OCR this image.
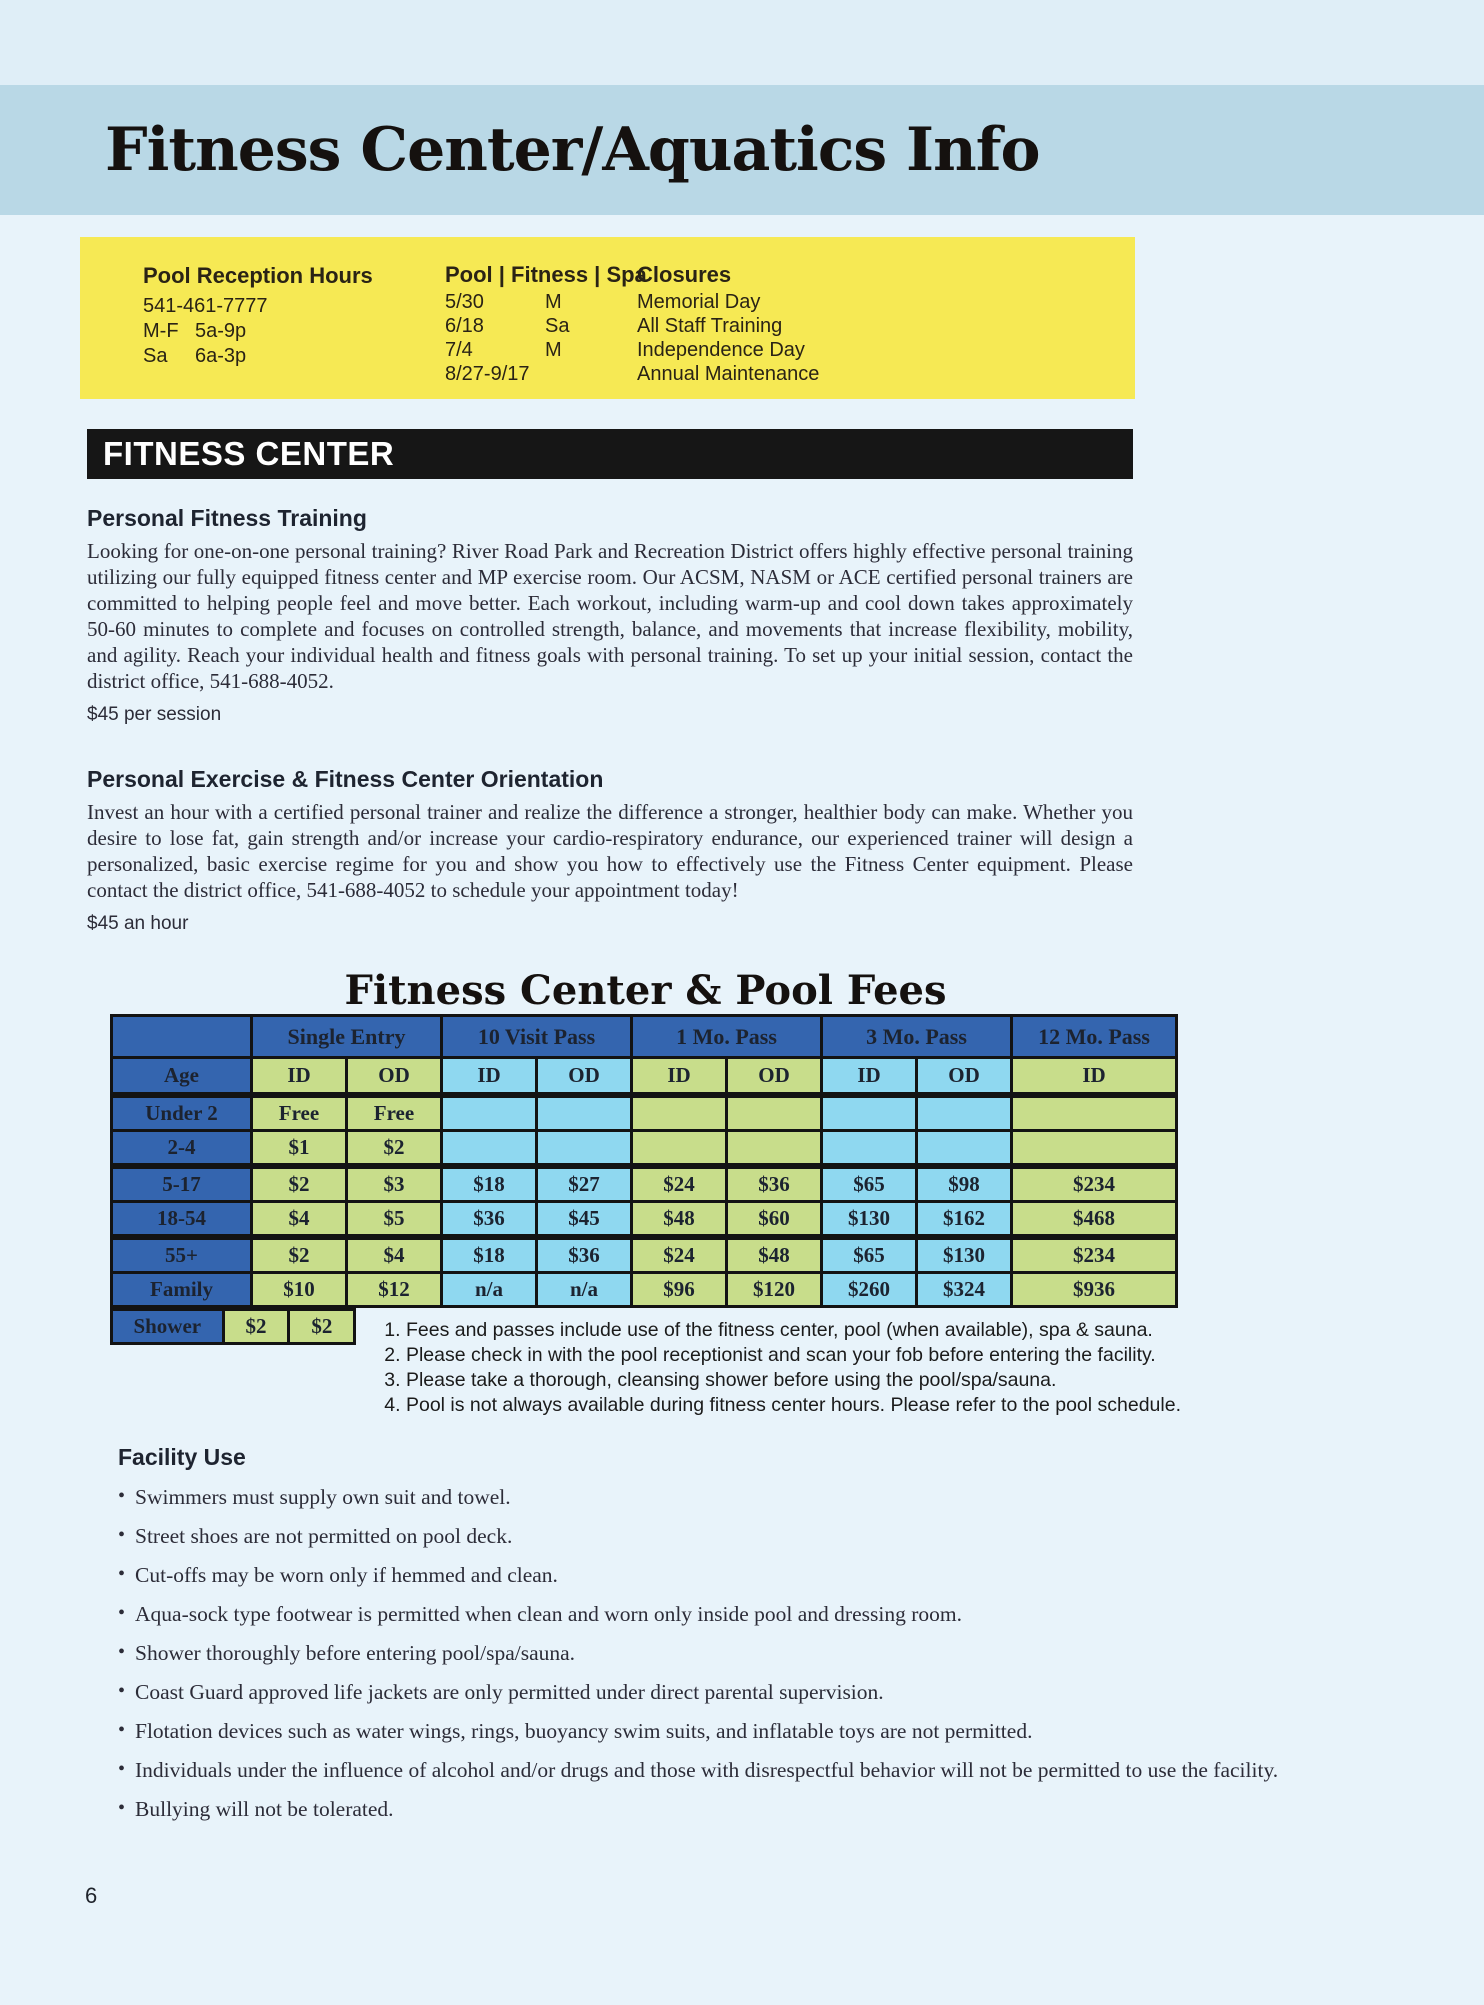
Fitness Center/Aquatics Info
Pool Reception Hours
541-461-7777
M-F 5a-9p
Sa	6a-3p
Pool | Fitness | Spa
Closures
5/30	M	Memorial Day
6/18	Sa	All Staff Training
7/4	M	Independence Day
8/27-9/17	Annual Maintenance
FITNESS CENTER
Personal Fitness Training

Looking for one-on-one personal training? River Road Park and Recreation District offers highly effective personal training utilizing our fully equipped fitness center and MP exercise room. Our ACSM, NASM or ACE certified personal trainers are committed to helping people feel and move better. Each workout, including warm-up and cool down takes approximately 50-60 minutes to complete and focuses on controlled strength, balance, and movements that increase flexibility, mobility, and agility. Reach your individual health and fitness goals with personal training. To set up your initial session, contact the district office, 541-688-4052.

$45 per session
Personal Exercise & Fitness Center Orientation

Invest an hour with a certified personal trainer and realize the difference a stronger, healthier body can make. Whether you desire to lose fat, gain strength and/or increase your cardio-respiratory endurance, our experienced trainer will design a personalized, basic exercise regime for you and show you how to effectively use the Fitness Center equipment. Please contact the district office, 541-688-4052 to schedule your appointment today!

$45 an hour
Fitness Center & Pool Fees
	Single Entry		10 Visit Pass		1 Mo. Pass		3 Mo. Pass		12 Mo. Pass
Age	ID	OD	ID	OD	ID	OD	ID	OD	ID
Under 2	Free	Free							
2-4	$1	$2							
5-17	$2	$3	$18	$27	$24	$36	$65	$98	$234
18-54	$4	$5	$36	$45	$48	$60	$130	$162	$468
55+	$2	$4	$18	$36	$24	$48	$65	$130	$234
Family	$10	$12	n/a	n/a	$96	$120	$260	$324	$936
Shower	$2	$2	1. Fees and passes include use of the fitness center, pool (when available), spa & sauna.
2. Please check in with the pool receptionist and scan your fob before entering the facility.
3. Please take a thorough, cleansing shower before using the pool/spa/sauna.
4. Pool is not always available during fitness center hours. Please refer to the pool schedule.
Facility Use
• Swimmers must supply own suit and towel.
• Street shoes are not permitted on pool deck.
• Cut-offs may be worn only if hemmed and clean.
• Aqua-sock type footwear is permitted when clean and worn only inside pool and dressing room.
• Shower thoroughly before entering pool/spa/sauna.
• Coast Guard approved life jackets are only permitted under direct parental supervision.
• Flotation devices such as water wings, rings, buoyancy swim suits, and inflatable toys are not permitted.
• Individuals under the influence of alcohol and/or drugs and those with disrespectful behavior will not be permitted to use the facility.
• Bullying will not be tolerated.
6
